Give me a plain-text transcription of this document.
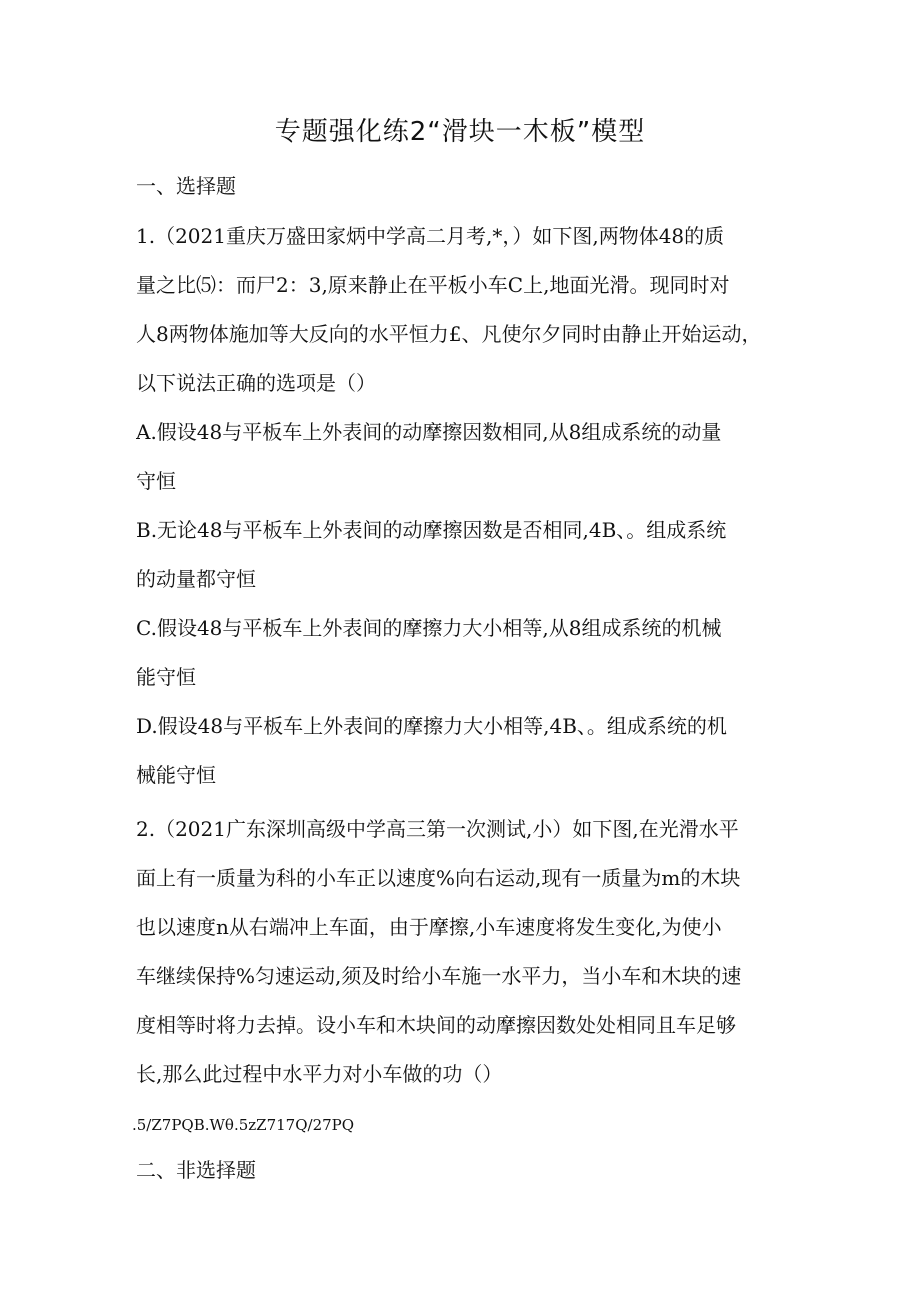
专题强化练2“滑块一木板”模型
一、选择题
1.（2021重庆万盛田家炳中学高二月考,*，）如下图,两物体48的质
量之比⑸：而尸2：3,原来静止在平板小车C上,地面光滑。现同时对
人8两物体施加等大反向的水平恒力£、凡使尔夕同时由静止开始运动，
以下说法正确的选项是（）
A.假设48与平板车上外表间的动摩擦因数相同,从8组成系统的动量
守恒
B.无论48与平板车上外表间的动摩擦因数是否相同,4B、。组成系统
的动量都守恒
C.假设48与平板车上外表间的摩擦力大小相等,从8组成系统的机械
能守恒
D.假设48与平板车上外表间的摩擦力大小相等,4B、。组成系统的机
械能守恒
2.（2021广东深圳高级中学高三第一次测试,小）如下图,在光滑水平
面上有一质量为科的小车正以速度%向右运动,现有一质量为m的木块
也以速度n从右端冲上车面，由于摩擦,小车速度将发生变化,为使小
车继续保持%匀速运动,须及时给小车施一水平力，当小车和木块的速
度相等时将力去掉。设小车和木块间的动摩擦因数处处相同且车足够
长,那么此过程中水平力对小车做的功（）
.5/Z7PQB.Wθ.5zZ717Q/27PQ
二、非选择题
